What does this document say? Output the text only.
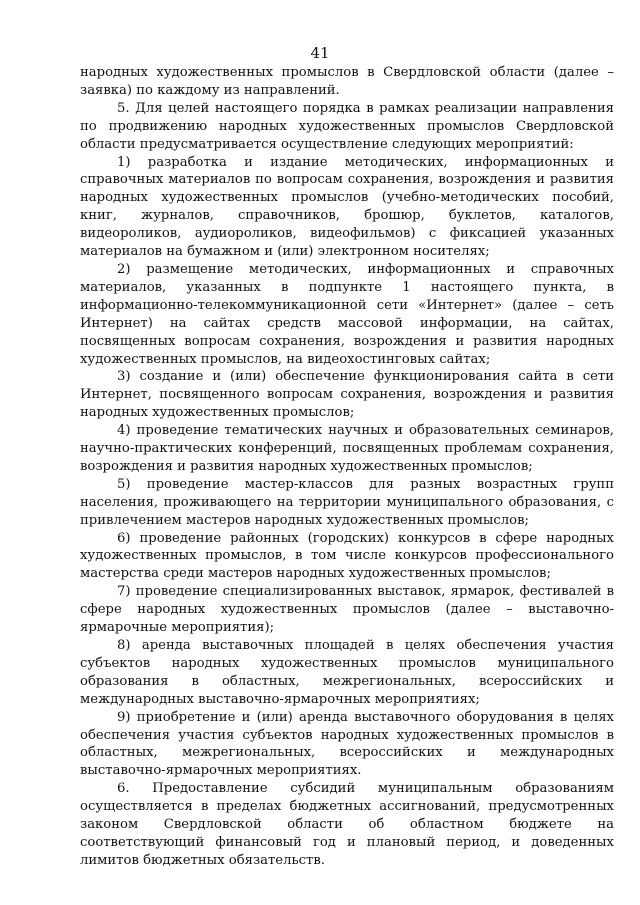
41

народных художественных промыслов в Свердловской области (далее – заявка) по каждому из направлений.

5. Для целей настоящего порядка в рамках реализации направления по продвижению народных художественных промыслов Свердловской области предусматривается осуществление следующих мероприятий:

1) разработка и издание методических, информационных и справочных материалов по вопросам сохранения, возрождения и развития народных художественных промыслов (учебно-методических пособий, книг, журналов, справочников, брошюр, буклетов, каталогов, видеороликов, аудиороликов, видеофильмов) с фиксацией указанных материалов на бумажном и (или) электронном носителях;

2) размещение методических, информационных и справочных материалов, указанных в подпункте 1 настоящего пункта, в информационно-телекоммуникационной сети «Интернет» (далее – сеть Интернет) на сайтах средств массовой информации, на сайтах, посвященных вопросам сохранения, возрождения и развития народных художественных промыслов, на видеохостинговых сайтах;

3) создание и (или) обеспечение функционирования сайта в сети Интернет, посвященного вопросам сохранения, возрождения и развития народных художественных промыслов;

4) проведение тематических научных и образовательных семинаров, научно-практических конференций, посвященных проблемам сохранения, возрождения и развития народных художественных промыслов;

5) проведение мастер-классов для разных возрастных групп населения, проживающего на территории муниципального образования, с привлечением мастеров народных художественных промыслов;

6) проведение районных (городских) конкурсов в сфере народных художественных промыслов, в том числе конкурсов профессионального мастерства среди мастеров народных художественных промыслов;

7) проведение специализированных выставок, ярмарок, фестивалей в сфере народных художественных промыслов (далее – выставочно-ярмарочные мероприятия);

8) аренда выставочных площадей в целях обеспечения участия субъектов народных художественных промыслов муниципального образования в областных, межрегиональных, всероссийских и международных выставочно-ярмарочных мероприятиях;

9) приобретение и (или) аренда выставочного оборудования в целях обеспечения участия субъектов народных художественных промыслов в областных, межрегиональных, всероссийских и международных выставочно-ярмарочных мероприятиях.

6. Предоставление субсидий муниципальным образованиям осуществляется в пределах бюджетных ассигнований, предусмотренных законом Свердловской области об областном бюджете на соответствующий финансовый год и плановый период, и доведенных лимитов бюджетных обязательств.
